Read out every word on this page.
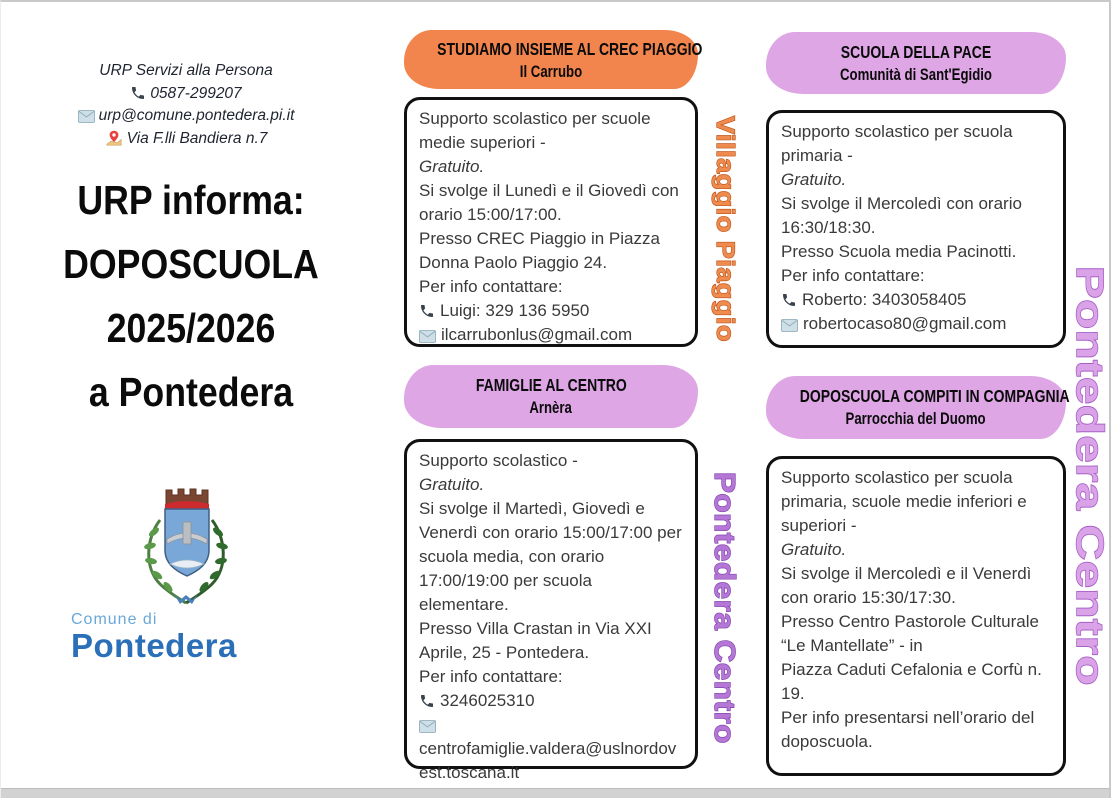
URP Servizi alla Persona
0587-299207
urp@comune.pontedera.pi.it
Via F.lli Bandiera n.7
URP informa:
DOPOSCUOLA
2025/2026
a Pontedera
Comune di
Pontedera
STUDIAMO INSIEME AL CREC PIAGGIO
Il Carrubo
Supporto scolastico per scuole medie superiori -
Gratuito.
Si svolge il Lunedì e il Giovedì con orario 15:00/17:00.
Presso CREC Piaggio in Piazza Donna Paolo Piaggio 24.
Per info contattare:
Luigi: 329 136 5950
ilcarrubonlus@gmail.com
FAMIGLIE AL CENTRO
Arnèra
Supporto scolastico -
Gratuito.
Si svolge il Martedì, Giovedì e Venerdì con orario 15:00/17:00 per scuola media, con orario 17:00/19:00 per scuola elementare.
Presso Villa Crastan in Via XXI Aprile, 25 - Pontedera.
Per info contattare:
3246025310
centrofamiglie.valdera@uslnordovest.toscana.it
SCUOLA DELLA PACE
Comunità di Sant'Egidio
Supporto scolastico per scuola primaria -
Gratuito.
Si svolge il Mercoledì con orario 16:30/18:30.
Presso Scuola media Pacinotti.
Per info contattare:
Roberto: 3403058405
robertocaso80@gmail.com
DOPOSCUOLA COMPITI IN COMPAGNIA
Parrocchia del Duomo
Supporto scolastico per scuola primaria, scuole medie inferiori e superiori -
Gratuito.
Si svolge il Mercoledì e il Venerdì con orario 15:30/17:30.
Presso Centro Pastorole Culturale “Le Mantellate” - in
Piazza Caduti Cefalonia e Corfù n. 19.
Per info presentarsi nell’orario del doposcuola.
Villaggio Piaggio
Pontedera Centro
Pontedera Centro
